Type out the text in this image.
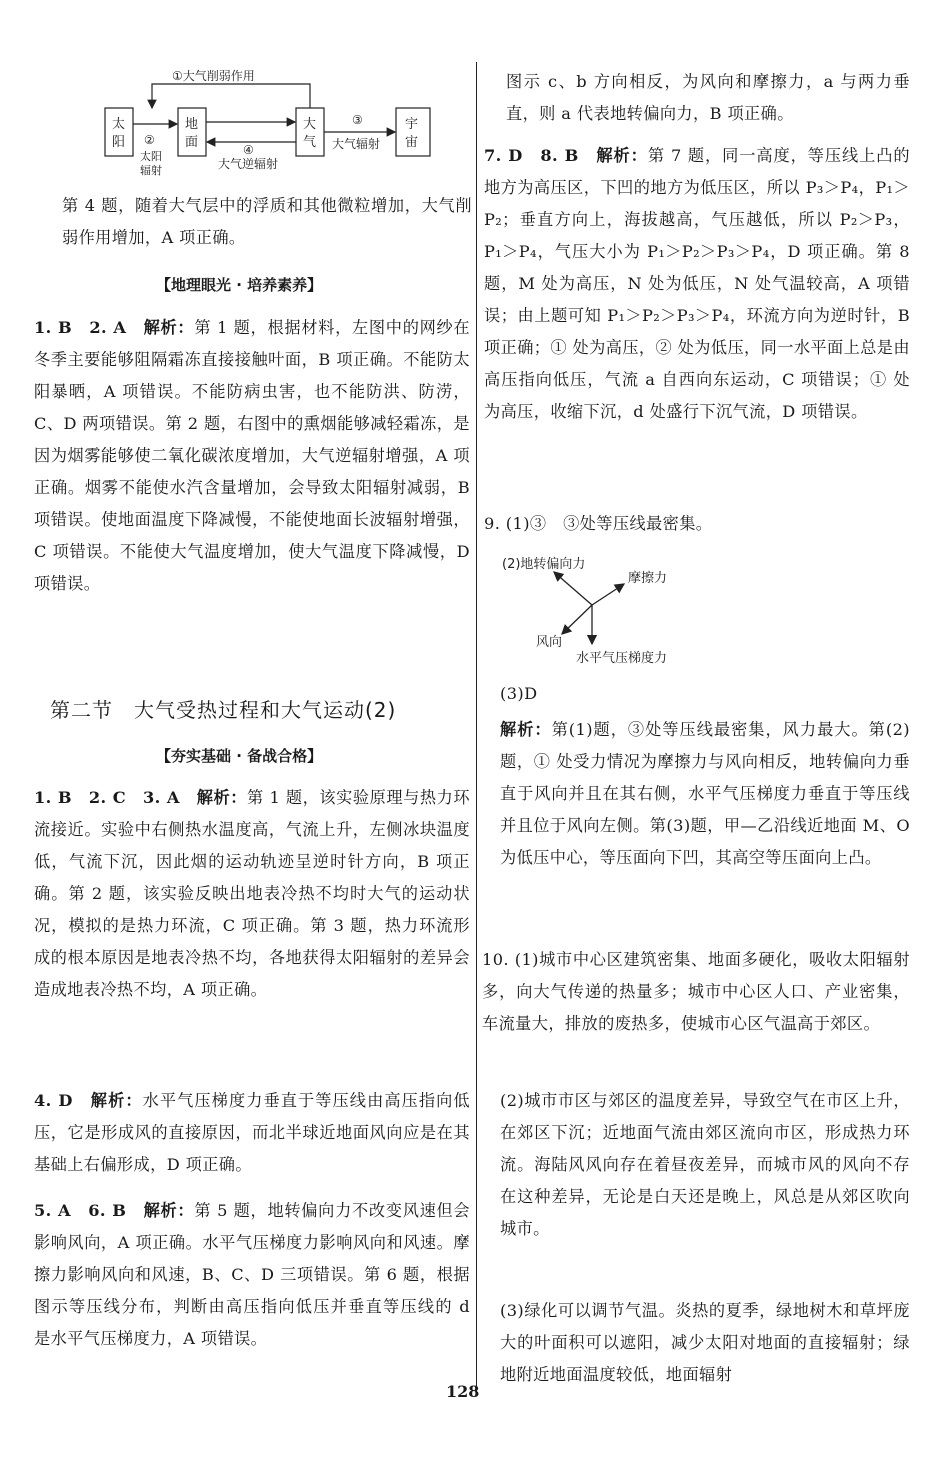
太阳
地面
大气
宇宙
①大气削弱作用
②
太阳
辐射
④
大气逆辐射
③
大气辐射
第 4 题，随着大气层中的浮质和其他微粒增加，大气削弱作用增加，A 项正确。
【地理眼光 · 培养素养】
1. B　2. A　解析：第 1 题，根据材料，左图中的网纱在冬季主要能够阻隔霜冻直接接触叶面，B 项正确。不能防太阳暴晒，A 项错误。不能防病虫害，也不能防洪、防涝，C、D 两项错误。第 2 题，右图中的熏烟能够减轻霜冻，是因为烟雾能够使二氧化碳浓度增加，大气逆辐射增强，A 项正确。烟雾不能使水汽含量增加，会导致太阳辐射减弱，B 项错误。使地面温度下降减慢，不能使地面长波辐射增强，C 项错误。不能使大气温度增加，使大气温度下降减慢，D 项错误。
第二节　大气受热过程和大气运动(2)
【夯实基础 · 备战合格】
1. B　2. C　3. A　解析：第 1 题，该实验原理与热力环流接近。实验中右侧热水温度高，气流上升，左侧冰块温度低，气流下沉，因此烟的运动轨迹呈逆时针方向，B 项正确。第 2 题，该实验反映出地表冷热不均时大气的运动状况，模拟的是热力环流，C 项正确。第 3 题，热力环流形成的根本原因是地表冷热不均，各地获得太阳辐射的差异会造成地表冷热不均，A 项正确。
4. D　解析：水平气压梯度力垂直于等压线由高压指向低压，它是形成风的直接原因，而北半球近地面风向应是在其基础上右偏形成，D 项正确。
5. A　6. B　解析：第 5 题，地转偏向力不改变风速但会影响风向，A 项正确。水平气压梯度力影响风向和风速。摩擦力影响风向和风速，B、C、D 三项错误。第 6 题，根据图示等压线分布，判断由高压指向低压并垂直等压线的 d 是水平气压梯度力，A 项错误。
图示 c、b 方向相反，为风向和摩擦力，a 与两力垂直，则 a 代表地转偏向力，B 项正确。
7. D　8. B　解析：第 7 题，同一高度，等压线上凸的地方为高压区，下凹的地方为低压区，所以 P₃＞P₄，P₁＞P₂；垂直方向上，海拔越高，气压越低，所以 P₂＞P₃，P₁＞P₄，气压大小为 P₁＞P₂＞P₃＞P₄，D 项正确。第 8 题，M 处为高压，N 处为低压，N 处气温较高，A 项错误；由上题可知 P₁＞P₂＞P₃＞P₄，环流方向为逆时针，B 项正确；① 处为高压，② 处为低压，同一水平面上总是由高压指向低压，气流 a 自西向东运动，C 项错误；① 处为高压，收缩下沉，d 处盛行下沉气流，D 项错误。
9. (1)③　③处等压线最密集。
(2)地转偏向力
摩擦力
风向
水平气压梯度力
(3)D
解析：第(1)题，③处等压线最密集，风力最大。第(2)题，① 处受力情况为摩擦力与风向相反，地转偏向力垂直于风向并且在其右侧，水平气压梯度力垂直于等压线并且位于风向左侧。第(3)题，甲—乙沿线近地面 M、O 为低压中心，等压面向下凹，其高空等压面向上凸。
10. (1)城市中心区建筑密集、地面多硬化，吸收太阳辐射多，向大气传递的热量多；城市中心区人口、产业密集，车流量大，排放的废热多，使城市心区气温高于郊区。
(2)城市市区与郊区的温度差异，导致空气在市区上升，在郊区下沉；近地面气流由郊区流向市区，形成热力环流。海陆风风向存在着昼夜差异，而城市风的风向不存在这种差异，无论是白天还是晚上，风总是从郊区吹向城市。
(3)绿化可以调节气温。炎热的夏季，绿地树木和草坪庞大的叶面积可以遮阳，减少太阳对地面的直接辐射；绿地附近地面温度较低，地面辐射
128
